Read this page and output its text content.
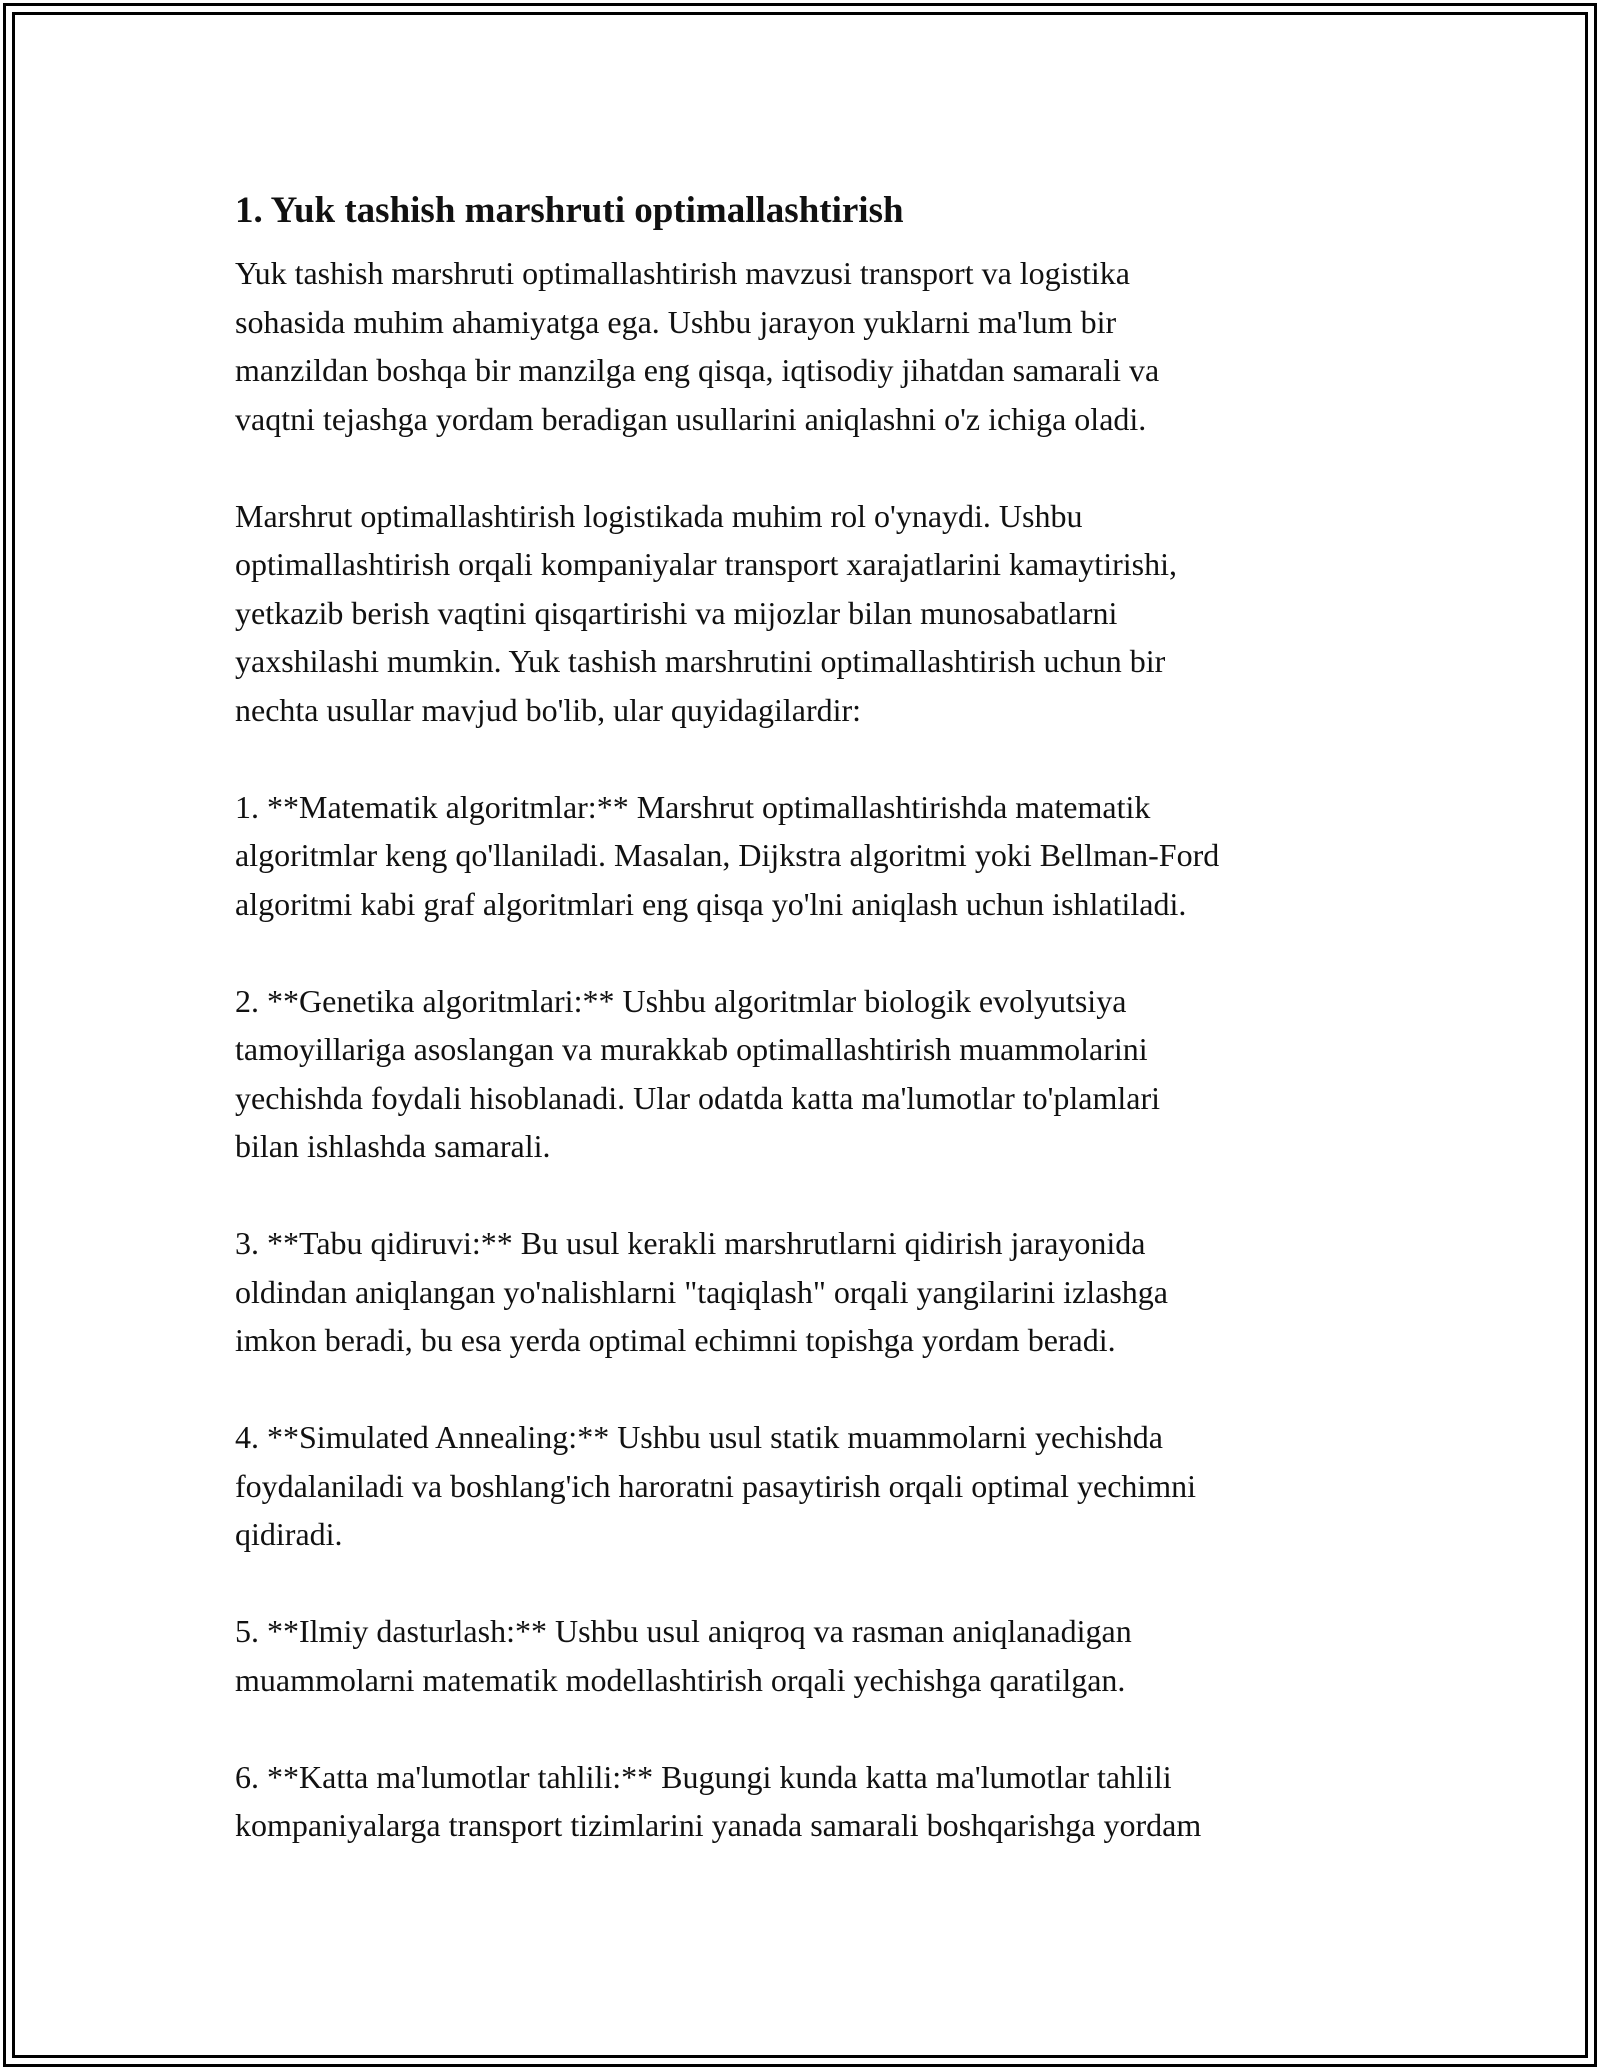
1. Yuk tashish marshruti optimallashtirish
Yuk tashish marshruti optimallashtirish mavzusi transport va logistika
sohasida muhim ahamiyatga ega. Ushbu jarayon yuklarni ma'lum bir
manzildan boshqa bir manzilga eng qisqa, iqtisodiy jihatdan samarali va
vaqtni tejashga yordam beradigan usullarini aniqlashni o'z ichiga oladi.
Marshrut optimallashtirish logistikada muhim rol o'ynaydi. Ushbu
optimallashtirish orqali kompaniyalar transport xarajatlarini kamaytirishi,
yetkazib berish vaqtini qisqartirishi va mijozlar bilan munosabatlarni
yaxshilashi mumkin. Yuk tashish marshrutini optimallashtirish uchun bir
nechta usullar mavjud bo'lib, ular quyidagilardir:
1. **Matematik algoritmlar:** Marshrut optimallashtirishda matematik
algoritmlar keng qo'llaniladi. Masalan, Dijkstra algoritmi yoki Bellman-Ford
algoritmi kabi graf algoritmlari eng qisqa yo'lni aniqlash uchun ishlatiladi.
2. **Genetika algoritmlari:** Ushbu algoritmlar biologik evolyutsiya
tamoyillariga asoslangan va murakkab optimallashtirish muammolarini
yechishda foydali hisoblanadi. Ular odatda katta ma'lumotlar to'plamlari
bilan ishlashda samarali.
3. **Tabu qidiruvi:** Bu usul kerakli marshrutlarni qidirish jarayonida
oldindan aniqlangan yo'nalishlarni "taqiqlash" orqali yangilarini izlashga
imkon beradi, bu esa yerda optimal echimni topishga yordam beradi.
4. **Simulated Annealing:** Ushbu usul statik muammolarni yechishda
foydalaniladi va boshlang'ich haroratni pasaytirish orqali optimal yechimni
qidiradi.
5. **Ilmiy dasturlash:** Ushbu usul aniqroq va rasman aniqlanadigan
muammolarni matematik modellashtirish orqali yechishga qaratilgan.
6. **Katta ma'lumotlar tahlili:** Bugungi kunda katta ma'lumotlar tahlili
kompaniyalarga transport tizimlarini yanada samarali boshqarishga yordam
